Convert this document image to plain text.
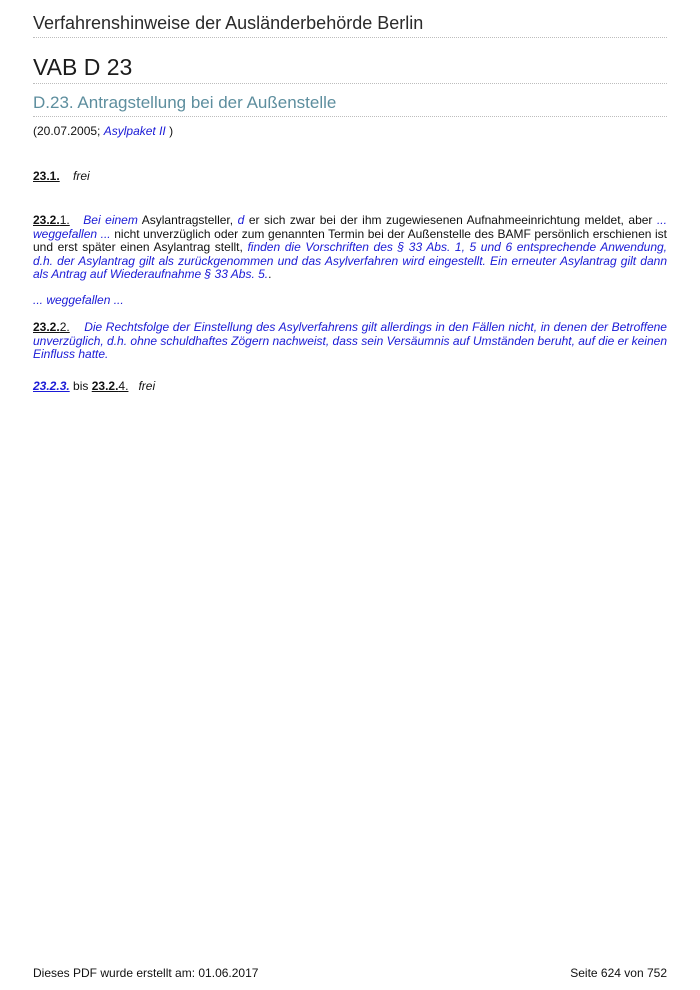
Verfahrenshinweise der Ausländerbehörde Berlin
VAB D 23
D.23. Antragstellung bei der Außenstelle
(20.07.2005; Asylpaket II )
23.1. frei
23.2.1. Bei einem Asylantragsteller, d er sich zwar bei der ihm zugewiesenen Aufnahmeeinrichtung meldet, aber ... weggefallen ... nicht unverzüglich oder zum genannten Termin bei der Außenstelle des BAMF persönlich erschienen ist und erst später einen Asylantrag stellt, finden die Vorschriften des § 33 Abs. 1, 5 und 6 entsprechende Anwendung, d.h. der Asylantrag gilt als zurückgenommen und das Asylverfahren wird eingestellt. Ein erneuter Asylantrag gilt dann als Antrag auf Wiederaufnahme § 33 Abs. 5..
... weggefallen ...
23.2.2. Die Rechtsfolge der Einstellung des Asylverfahrens gilt allerdings in den Fällen nicht, in denen der Betroffene unverzüglich, d.h. ohne schuldhaftes Zögern nachweist, dass sein Versäumnis auf Umständen beruht, auf die er keinen Einfluss hatte.
23.2.3. bis 23.2.4. frei
Dieses PDF wurde erstellt am: 01.06.2017	Seite 624 von 752
